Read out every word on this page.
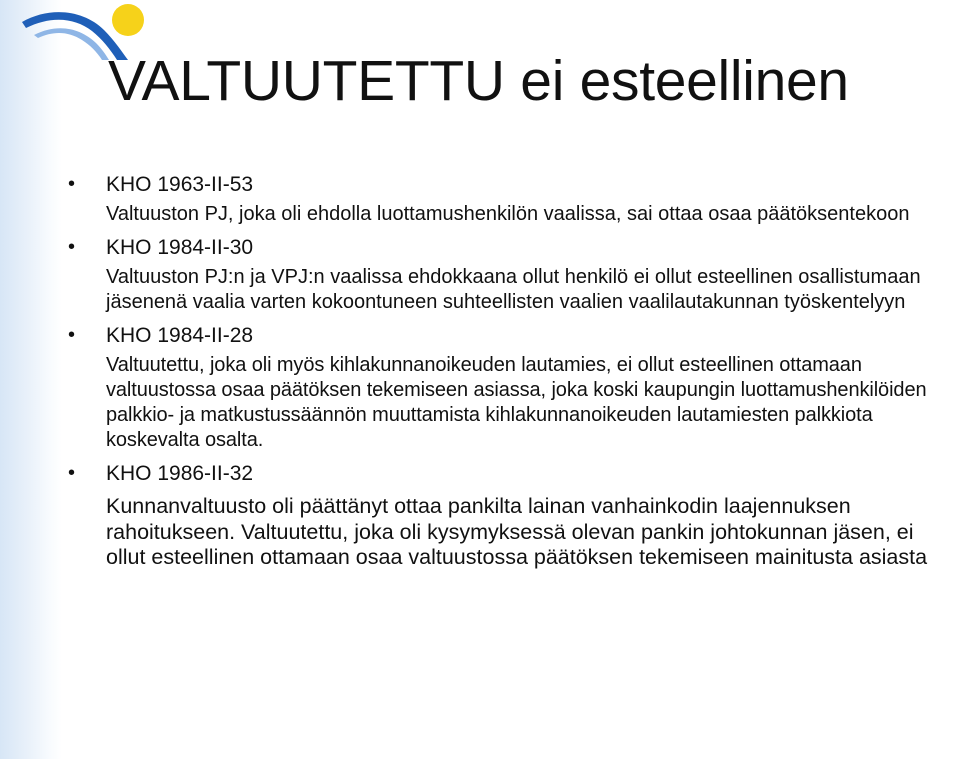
VALTUUTETTU ei esteellinen
• KHO 1963-II-53

Valtuuston PJ, joka oli ehdolla luottamushenkilön vaalissa, sai ottaa osaa päätöksentekoon

• KHO 1984-II-30

Valtuuston PJ:n ja VPJ:n vaalissa ehdokkaana ollut henkilö ei ollut esteellinen osallistumaan jäsenenä vaalia varten kokoontuneen suhteellisten vaalien vaalilautakunnan työskentelyyn

• KHO 1984-II-28

Valtuutettu, joka oli myös kihlakunnanoikeuden lautamies, ei ollut esteellinen ottamaan valtuustossa osaa päätöksen tekemiseen asiassa, joka koski kaupungin luottamushenkilöiden palkkio- ja matkustussäännön muuttamista kihlakunnanoikeuden lautamiesten palkkiota koskevalta osalta.

• KHO 1986-II-32

Kunnanvaltuusto oli päättänyt ottaa pankilta lainan vanhainkodin laajennuksen rahoitukseen. Valtuutettu, joka oli kysymyksessä olevan pankin johtokunnan jäsen, ei ollut esteellinen ottamaan osaa valtuustossa päätöksen tekemiseen mainitusta asiasta
